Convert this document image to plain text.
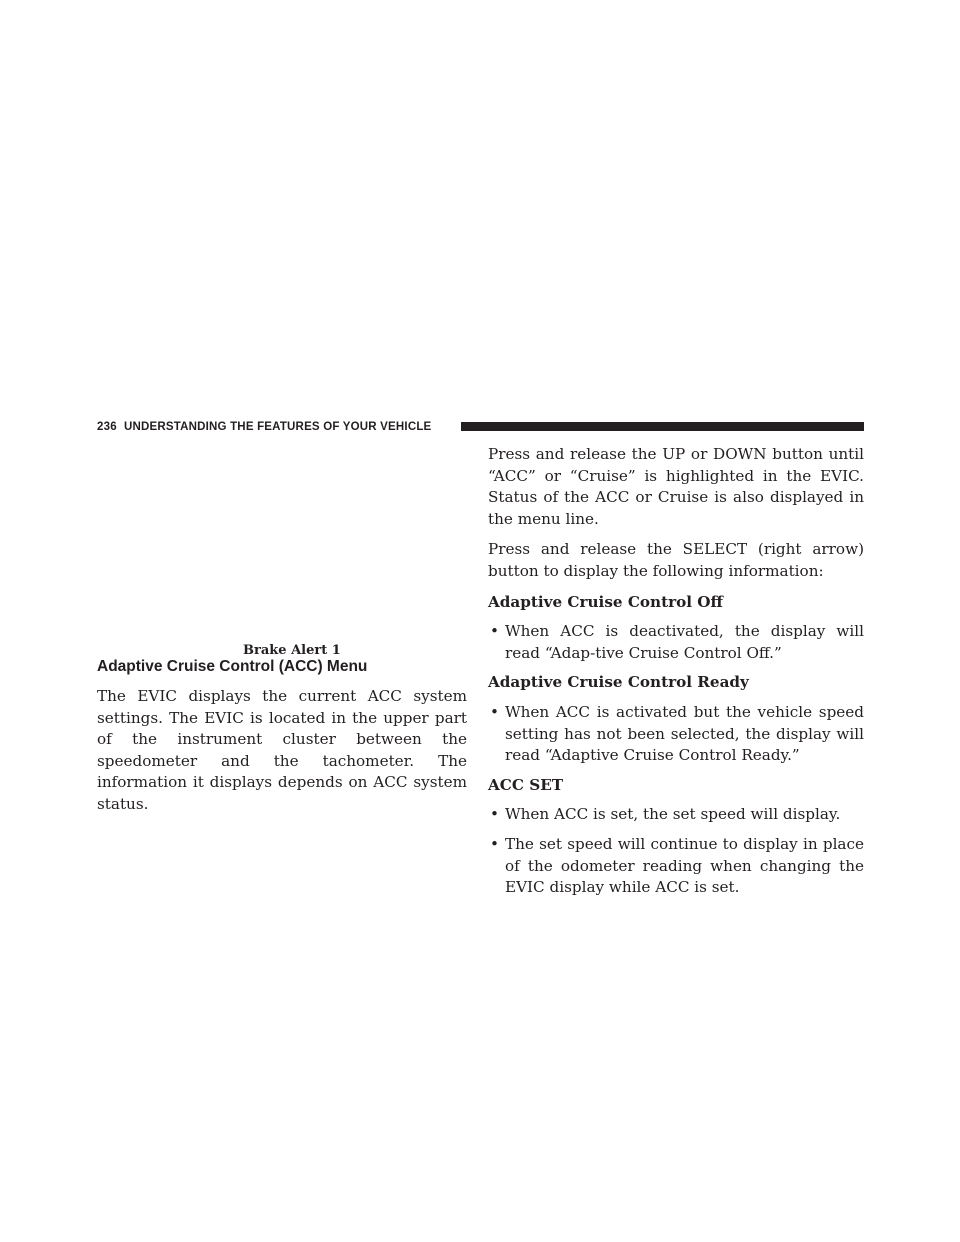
236 UNDERSTANDING THE FEATURES OF YOUR VEHICLE
Brake Alert 1
Adaptive Cruise Control (ACC) Menu

The EVIC displays the current ACC system settings. The EVIC is located in the upper part of the instrument cluster between the speedometer and the tachometer. The information it displays depends on ACC system status.

Press and release the UP or DOWN button until “ACC” or “Cruise” is highlighted in the EVIC. Status of the ACC or Cruise is also displayed in the menu line.

Press and release the SELECT (right arrow) button to display the following information:

Adaptive Cruise Control Off

• When ACC is deactivated, the display will read “Adap-tive Cruise Control Off.”

Adaptive Cruise Control Ready

• When ACC is activated but the vehicle speed setting has not been selected, the display will read “Adaptive Cruise Control Ready.”

ACC SET

• When ACC is set, the set speed will display.
• The set speed will continue to display in place of the odometer reading when changing the EVIC display while ACC is set.
